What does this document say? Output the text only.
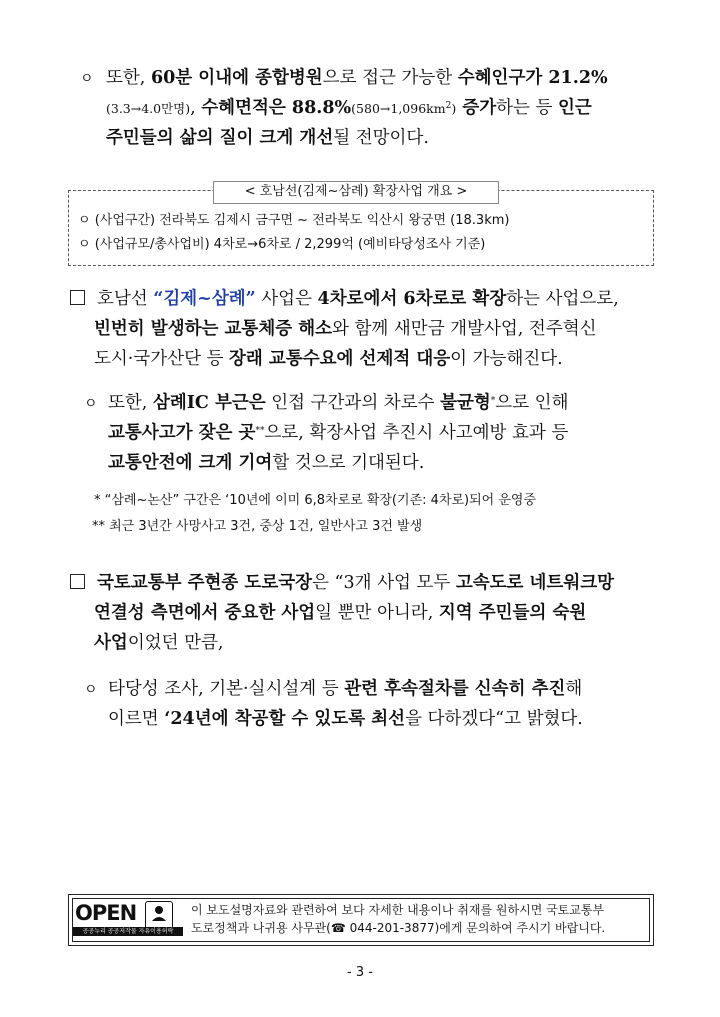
ㅇ 또한, 60분 이내에 종합병원으로 접근 가능한 수혜인구가 21.2%
(3.3→4.0만명), 수혜면적은 $88.8\%(580\to 1,096km^2)$ 증가하는 등 인근
주민들의 삶의 질이 크게 개선될 전망이다.
< 호남선(김제~삼례) 확장사업 개요 >
ㅇ (사업구간) 전라북도 김제시 금구면 ~ 전라북도 익산시 왕궁면 (18.3km)
ㅇ (사업규모/총사업비) 4차로→6차로 / 2,299억 (예비타당성조사 기준)
호남선 “김제~삼례” 사업은 4차로에서 6차로로 확장하는 사업으로,
빈번히 발생하는 교통체증 해소와 함께 새만금 개발사업, 전주혁신
도시·국가산단 등 장래 교통수요에 선제적 대응이 가능해진다.
ㅇ 또한, 삼례IC 부근은 인접 구간과의 차로수 불균형*으로 인해
교통사고가 잦은 곳**으로, 확장사업 추진시 사고예방 효과 등
교통안전에 크게 기여할 것으로 기대된다.
* “삼례~논산” 구간은 ‘10년에 이미 6,8차로로 확장(기존: 4차로)되어 운영중
** 최근 3년간 사망사고 3건, 중상 1건, 일반사고 3건 발생
국토교통부 주현종 도로국장은 “3개 사업 모두 고속도로 네트워크망
연결성 측면에서 중요한 사업일 뿐만 아니라, 지역 주민들의 숙원
사업이었던 만큼,
ㅇ 타당성 조사, 기본·실시설계 등 관련 후속절차를 신속히 추진해
이르면 ‘24년에 착공할 수 있도록 최선을 다하겠다“고 밝혔다.
OPEN
공공누리 공공저작물 자유이용허락
이 보도설명자료와 관련하여 보다 자세한 내용이나 취재를 원하시면 국토교통부
도로정책과 나귀용 사무관(☎ 044-201-3877)에게 문의하여 주시기 바랍니다.
- 3 -
